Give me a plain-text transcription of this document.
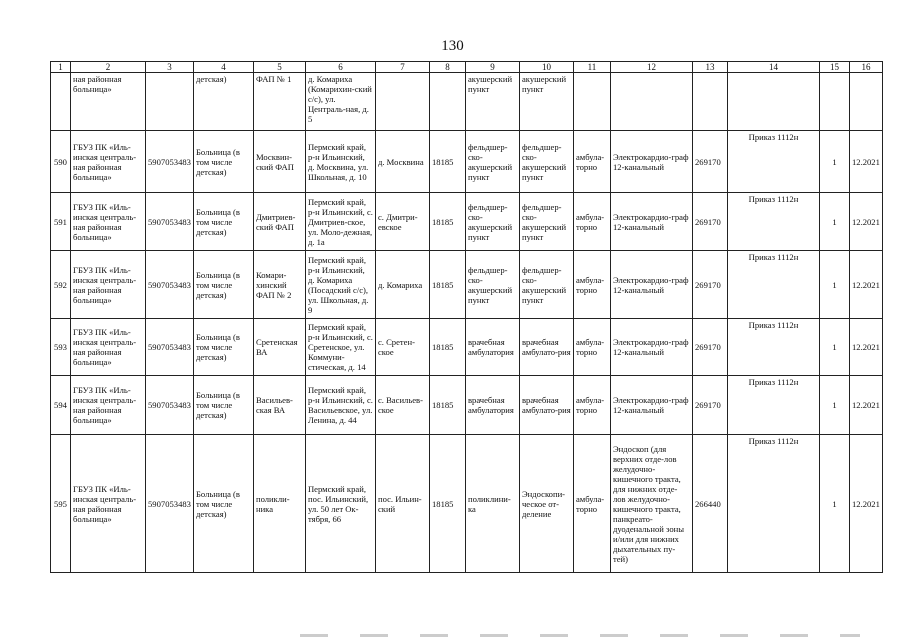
130
1	2	3	4	5	6	7	8	9	10	11	12	13	14	15	16
	ная районная больница»		детская)	ФАП № 1	д. Комариха (Комарихин-ский с/с), ул. Централь-ная, д. 5			акушерский пункт	акушерский пункт						
590	ГБУЗ ПК «Иль-инская централь-ная районная больница»	5907053483	Больница (в том числе детская)	Москвин-ский ФАП	Пермский край, р-н Ильинский, д. Москвина, ул. Школьная, д. 10	д. Москвина	18185	фельдшер-ско-акушерский пункт	фельдшер-ско-акушерский пункт	амбула-торно	Электрокардио-граф 12-канальный	269170	Приказ 1112н	1	12.2021
591	ГБУЗ ПК «Иль-инская централь-ная районная больница»	5907053483	Больница (в том числе детская)	Дмитриев-ский ФАП	Пермский край, р-н Ильинский, с. Дмитриев-ское, ул. Моло-дежная, д. 1а	с. Дмитри-евское	18185	фельдшер-ско-акушерский пункт	фельдшер-ско-акушерский пункт	амбула-торно	Электрокардио-граф 12-канальный	269170	Приказ 1112н	1	12.2021
592	ГБУЗ ПК «Иль-инская централь-ная районная больница»	5907053483	Больница (в том числе детская)	Комари-хинский ФАП № 2	Пермский край, р-н Ильинский, д. Комариха (Посадский с/с), ул. Школьная, д. 9	д. Комариха	18185	фельдшер-ско-акушерский пункт	фельдшер-ско-акушерский пункт	амбула-торно	Электрокардио-граф 12-канальный	269170	Приказ 1112н	1	12.2021
593	ГБУЗ ПК «Иль-инская централь-ная районная больница»	5907053483	Больница (в том числе детская)	Сретенская ВА	Пермский край, р-н Ильинский, с. Сретенское, ул. Коммуни-стическая, д. 14	с. Сретен-ское	18185	врачебная амбулатория	врачебная амбулато-рия	амбула-торно	Электрокардио-граф 12-канальный	269170	Приказ 1112н	1	12.2021
594	ГБУЗ ПК «Иль-инская централь-ная районная больница»	5907053483	Больница (в том числе детская)	Васильев-ская ВА	Пермский край, р-н Ильинский, с. Васильевское, ул. Ленина, д. 44	с. Васильев-ское	18185	врачебная амбулатория	врачебная амбулато-рия	амбула-торно	Электрокардио-граф 12-канальный	269170	Приказ 1112н	1	12.2021
595	ГБУЗ ПК «Иль-инская централь-ная районная больница»	5907053483	Больница (в том числе детская)	поликли-ника	Пермский край, пос. Ильинский, ул. 50 лет Ок-тября, 66	пос. Ильин-ский	18185	поликлини-ка	Эндоскопи-ческое от-деление	амбула-торно	Эндоскоп (для верхних отде-лов желудочно-кишечного тракта, для нижних отде-лов желудочно-кишечного тракта, панкреато-дуоденальной зоны и/или для нижних дыхательных пу-тей)	266440	Приказ 1112н	1	12.2021
